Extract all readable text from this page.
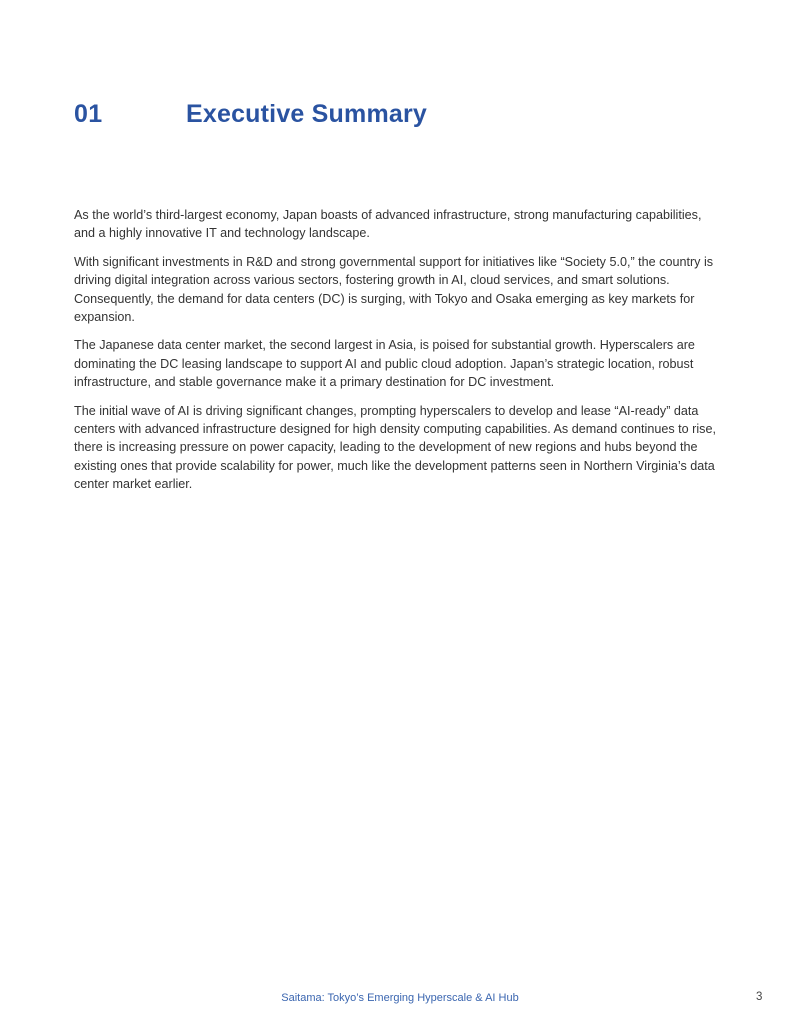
01	Executive Summary

As the world’s third-largest economy, Japan boasts of advanced infrastructure, strong manufacturing capabilities, and a highly innovative IT and technology landscape.

With significant investments in R&D and strong governmental support for initiatives like “Society 5.0,” the country is driving digital integration across various sectors, fostering growth in AI, cloud services, and smart solutions. Consequently, the demand for data centers (DC) is surging, with Tokyo and Osaka emerging as key markets for expansion.

The Japanese data center market, the second largest in Asia, is poised for substantial growth. Hyperscalers are dominating the DC leasing landscape to support AI and public cloud adoption. Japan’s strategic location, robust infrastructure, and stable governance make it a primary destination for DC investment.

The initial wave of AI is driving significant changes, prompting hyperscalers to develop and lease “AI-ready” data centers with advanced infrastructure designed for high density computing capabilities. As demand continues to rise, there is increasing pressure on power capacity, leading to the development of new regions and hubs beyond the existing ones that provide scalability for power, much like the development patterns seen in Northern Virginia’s data center market earlier.

Saitama: Tokyo’s Emerging Hyperscale & AI Hub	3
